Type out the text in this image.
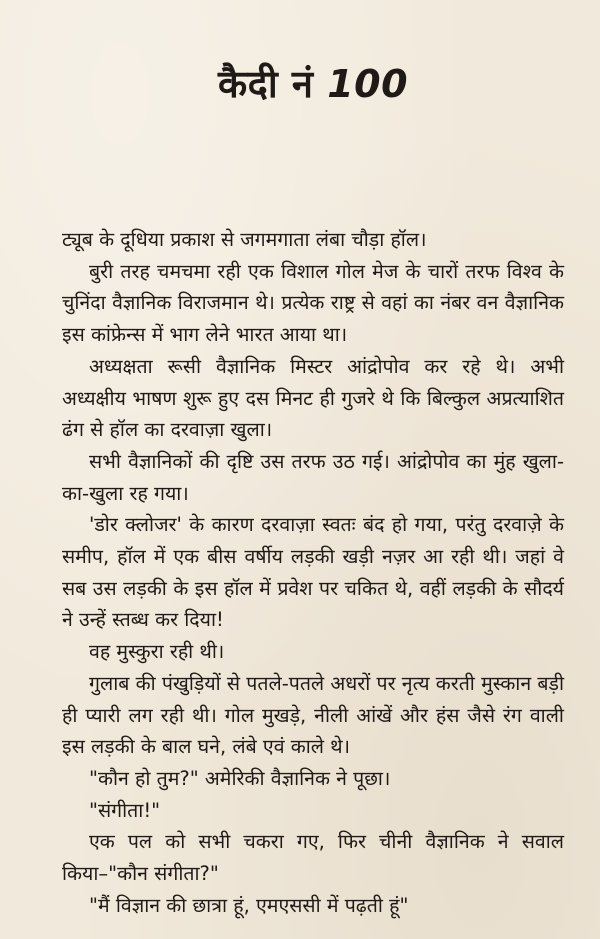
कैदी नं 100

ट्यूब के दूधिया प्रकाश से जगमगाता लंबा चौड़ा हॉल।

बुरी तरह चमचमा रही एक विशाल गोल मेज के चारों तरफ विश्व के चुनिंदा वैज्ञानिक विराजमान थे। प्रत्येक राष्ट्र से वहां का नंबर वन वैज्ञानिक इस कांफ्रेन्स में भाग लेने भारत आया था।

अध्यक्षता रूसी वैज्ञानिक मिस्टर आंद्रोपोव कर रहे थे। अभी अध्यक्षीय भाषण शुरू हुए दस मिनट ही गुजरे थे कि बिल्कुल अप्रत्याशित ढंग से हॉल का दरवाज़ा खुला।

सभी वैज्ञानिकों की दृष्टि उस तरफ उठ गई। आंद्रोपोव का मुंह खुला-का-खुला रह गया।

'डोर क्लोजर' के कारण दरवाज़ा स्वतः बंद हो गया, परंतु दरवाज़े के समीप, हॉल में एक बीस वर्षीय लड़की खड़ी नज़र आ रही थी। जहां वे सब उस लड़की के इस हॉल में प्रवेश पर चकित थे, वहीं लड़की के सौदर्य ने उन्हें स्तब्ध कर दिया!

वह मुस्कुरा रही थी।

गुलाब की पंखुड़ियों से पतले-पतले अधरों पर नृत्य करती मुस्कान बड़ी ही प्यारी लग रही थी। गोल मुखड़े, नीली आंखें और हंस जैसे रंग वाली इस लड़की के बाल घने, लंबे एवं काले थे।

"कौन हो तुम?" अमेरिकी वैज्ञानिक ने पूछा।

"संगीता!"

एक पल को सभी चकरा गए, फिर चीनी वैज्ञानिक ने सवाल किया–"कौन संगीता?"

"मैं विज्ञान की छात्रा हूं, एमएससी में पढ़ती हूं"
